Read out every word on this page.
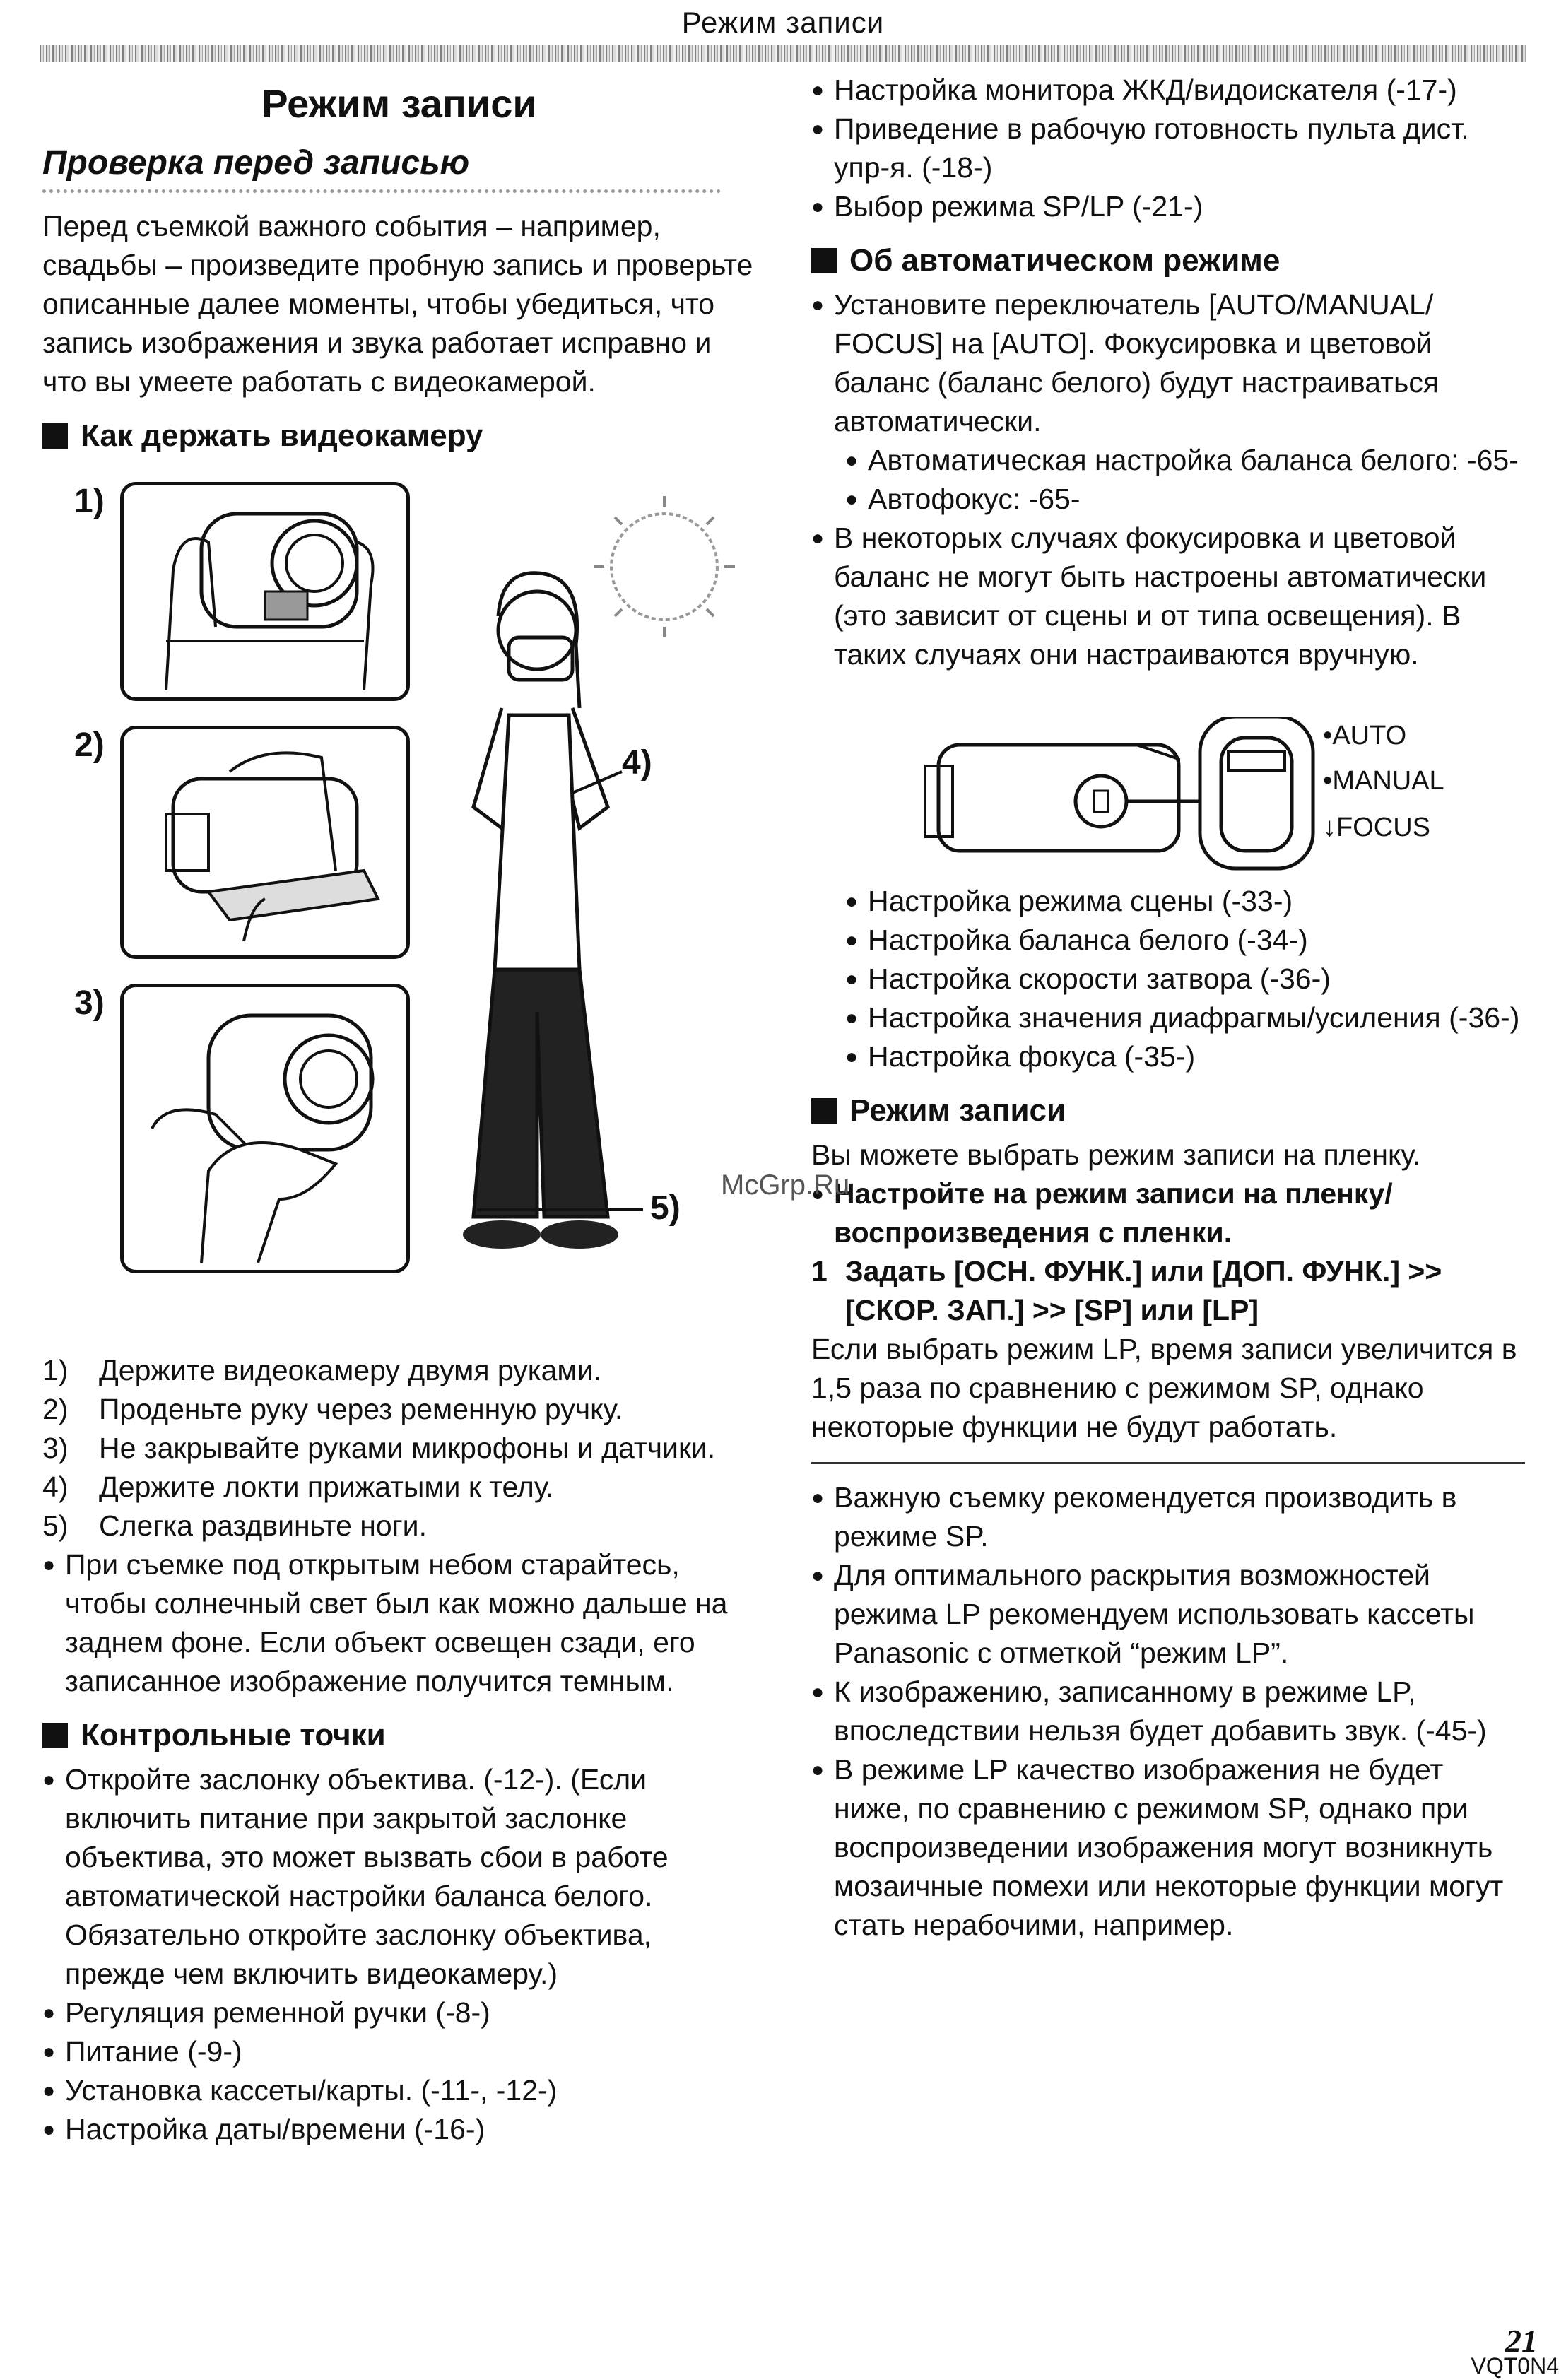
Режим записи
Режим записи
Проверка перед записью

Перед съемкой важного события – например, свадьбы – произведите пробную запись и проверьте описанные далее моменты, чтобы убедиться, что запись изображения и звука работает исправно и что вы умеете работать с видеокамерой.

Как держать видеокамеру
1)
2)
3)
4)
5)
1)	Держите видеокамеру двумя руками.
2)	Проденьте руку через ременную ручку.
3)	Не закрывайте руками микрофоны и датчики.
4)	Держите локти прижатыми к телу.
5)	Слегка раздвиньте ноги.
● При съемке под открытым небом старайтесь, чтобы солнечный свет был как можно дальше на заднем фоне. Если объект освещен сзади, его записанное изображение получится темным.
Контрольные точки
● Откройте заслонку объектива. (-12-). (Если включить питание при закрытой заслонке объектива, это может вызвать сбои в работе автоматической настройки баланса белого. Обязательно откройте заслонку объектива, прежде чем включить видеокамеру.)
● Регуляция ременной ручки (-8-)
● Питание (-9-)
● Установка кассеты/карты. (-11-, -12-)
● Настройка даты/времени (-16-)
● Настройка монитора ЖКД/видоискателя (-17-)
● Приведение в рабочую готовность пульта дист. упр-я. (-18-)
● Выбор режима SP/LP (-21-)
Об автоматическом режиме
● Установите переключатель [AUTO/MANUAL/ FOCUS] на [AUTO]. Фокусировка и цветовой баланс (баланс белого) будут настраиваться автоматически.
● Автоматическая настройка баланса белого: -65-
● Автофокус: -65-
● В некоторых случаях фокусировка и цветовой баланс не могут быть настроены автоматически (это зависит от сцены и от типа освещения). В таких случаях они настраиваются вручную.
•AUTO
•MANUAL
↓FOCUS
● Настройка режима сцены (-33-)
● Настройка баланса белого (-34-)
● Настройка скорости затвора (-36-)
● Настройка значения диафрагмы/усиления (-36-)
● Настройка фокуса (-35-)
Режим записи

Вы можете выбрать режим записи на пленку.

● Настройте на режим записи на пленку/ воспроизведения с пленки.
1 Задать [ОСН. ФУНК.] или [ДОП. ФУНК.] >> [СКОР. ЗАП.] >> [SP] или [LP]

Если выбрать режим LP, время записи увеличится в 1,5 раза по сравнению с режимом SP, однако некоторые функции не будут работать.

● Важную съемку рекомендуется производить в режиме SP.
● Для оптимального раскрытия возможностей режима LP рекомендуем использовать кассеты Panasonic с отметкой “режим LP”.
● К изображению, записанному в режиме LP, впоследствии нельзя будет добавить звук. (-45-)
● В режиме LP качество изображения не будет ниже, по сравнению с режимом SP, однако при воспроизведении изображения могут возникнуть мозаичные помехи или некоторые функции могут стать нерабочими, например.
McGrp.Ru
21
VQT0N4
